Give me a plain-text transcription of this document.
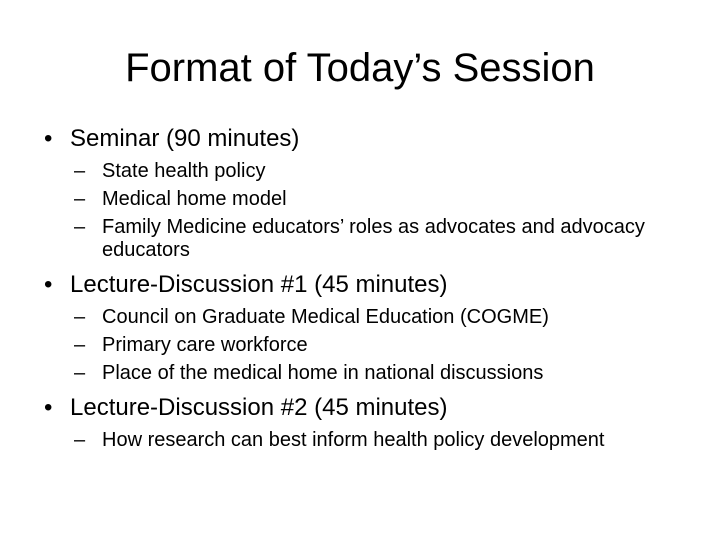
Format of Today’s Session

• Seminar (90 minutes)

– State health policy
– Medical home model
– Family Medicine educators’ roles as advocates and advocacy educators

• Lecture-Discussion #1 (45 minutes)

– Council on Graduate Medical Education (COGME)
– Primary care workforce
– Place of the medical home in national discussions

• Lecture-Discussion #2 (45 minutes)

– How research can best inform health policy development
